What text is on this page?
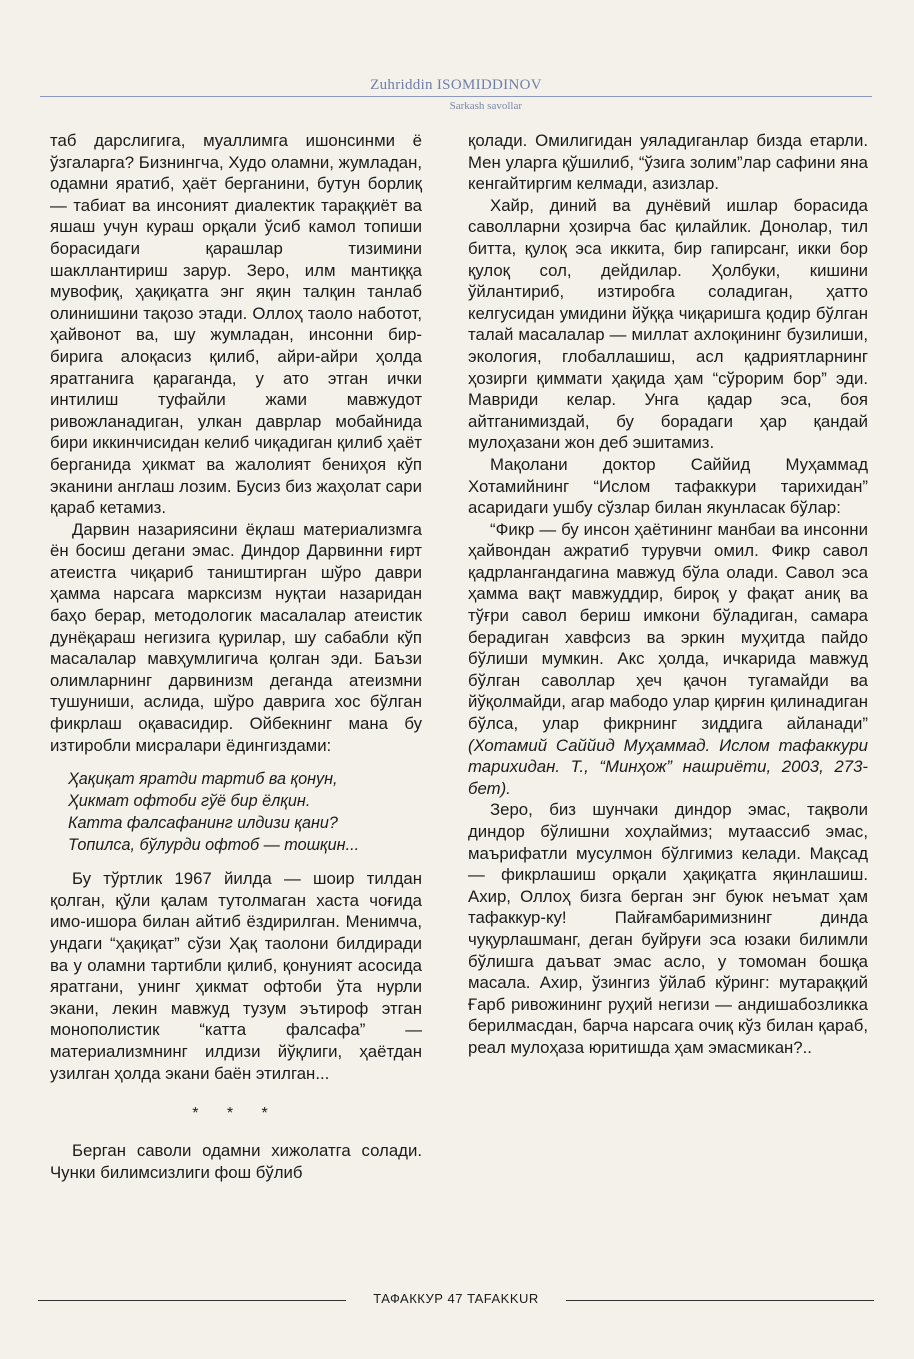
Zuhriddin ISOMIDDINOV
Sarkash savollar

таб дарслигига, муаллимга ишонсинми ё ўзгаларга? Бизнингча, Худо оламни, жумладан, одамни яратиб, ҳаёт берганини, бутун борлиқ — табиат ва инсоният диалектик тараққиёт ва яшаш учун кураш орқали ўсиб камол топиши борасидаги қарашлар тизимини шакллантириш зарур. Зеро, илм мантиққа мувофиқ, ҳақиқатга энг яқин талқин танлаб олинишини тақозо этади. Оллоҳ таоло наботот, ҳайвонот ва, шу жумладан, инсонни бир-бирига алоқасиз қилиб, айри-айри ҳолда яратганига қараганда, у ато этган ички интилиш туфайли жами мавжудот ривожланадиган, улкан даврлар мобайнида бири иккинчисидан келиб чиқадиган қилиб ҳаёт берганида ҳикмат ва жалолият бениҳоя кўп эканини англаш лозим. Бусиз биз жаҳолат сари қараб кетамиз.

Дарвин назариясини ёқлаш материализмга ён босиш дегани эмас. Диндор Дарвинни ғирт атеистга чиқариб таништирган шўро даври ҳамма нарсага марксизм нуқтаи назаридан баҳо берар, методологик масалалар атеистик дунёқараш негизига қурилар, шу сабабли кўп масалалар мавҳумлигича қолган эди. Баъзи олимларнинг дарвинизм деганда атеизмни тушуниши, аслида, шўро даврига хос бўлган фикрлаш оқавасидир. Ойбекнинг мана бу изтиробли мисралари ёдингиздами:

Ҳақиқат яратди тартиб ва қонун,
Ҳикмат офтоби гўё бир ёлқин.
Катта фалсафанинг илдизи қани?
Топилса, бўлурди офтоб — тошқин...

Бу тўртлик 1967 йилда — шоир тилдан қолган, қўли қалам тутолмаган хаста чоғида имо-ишора билан айтиб ёздирилган. Менимча, ундаги “ҳақиқат” сўзи Ҳақ таолони билдиради ва у оламни тартибли қилиб, қонуният асосида яратгани, унинг ҳикмат офтоби ўта нурли экани, лекин мавжуд тузум эътироф этган монополистик “катта фалсафа” — материализмнинг илдизи йўқлиги, ҳаётдан узилган ҳолда экани баён этилган...

* * *

Берган саволи одамни хижолатга солади. Чунки билимсизлиги фош бўлиб

қолади. Омилигидан уяладиганлар бизда етарли. Мен уларга қўшилиб, “ўзига золим”лар сафини яна кенгайтиргим келмади, азизлар.

Хайр, диний ва дунёвий ишлар борасида саволларни ҳозирча бас қилайлик. Донолар, тил битта, қулоқ эса иккита, бир гапирсанг, икки бор қулоқ сол, дейдилар. Ҳолбуки, кишини ўйлантириб, изтиробга соладиган, ҳатто келгусидан умидини йўққа чиқаришга қодир бўлган талай масалалар — миллат ахлоқининг бузилиши, экология, глобаллашиш, асл қадриятларнинг ҳозирги қиммати ҳақида ҳам “сўрорим бор” эди. Мавриди келар. Унга қадар эса, боя айтганимиздай, бу борадаги ҳар қандай мулоҳазани жон деб эшитамиз.

Мақолани доктор Саййид Муҳаммад Хотамийнинг “Ислом тафаккури тарихидан” асаридаги ушбу сўзлар билан якунласак бўлар:

“Фикр — бу инсон ҳаётининг манбаи ва инсонни ҳайвондан ажратиб турувчи омил. Фикр савол қадрлангандагина мавжуд бўла олади. Савол эса ҳамма вақт мавжуддир, бироқ у фақат аниқ ва тўғри савол бериш имкони бўладиган, самара берадиган хавфсиз ва эркин муҳитда пайдо бўлиши мумкин. Акс ҳолда, ичкарида мавжуд бўлган саволлар ҳеч қачон тугамайди ва йўқолмайди, агар мабодо улар қирғин қилинадиган бўлса, улар фикрнинг зиддига айланади” (Хотамий Саййид Муҳаммад. Ислом тафаккури тарихидан. Т., “Минҳож” нашриёти, 2003, 273-бет).

Зеро, биз шунчаки диндор эмас, тақволи диндор бўлишни хоҳлаймиз; мутаассиб эмас, маърифатли мусулмон бўлгимиз келади. Мақсад — фикрлашиш орқали ҳақиқатга яқинлашиш. Ахир, Оллоҳ бизга берган энг буюк неъмат ҳам тафаккур-ку! Пайғамбаримизнинг динда чуқурлашманг, деган буйруғи эса юзаки билимли бўлишга даъват эмас асло, у томоман бошқа масала. Ахир, ўзингиз ўйлаб кўринг: мутараққий Ғарб ривожининг руҳий негизи — андишабозликка берилмасдан, барча нарсага очиқ кўз билан қараб, реал мулоҳаза юритишда ҳам эмасмикан?..

ТАФАККУР 47 TAFAKKUR
